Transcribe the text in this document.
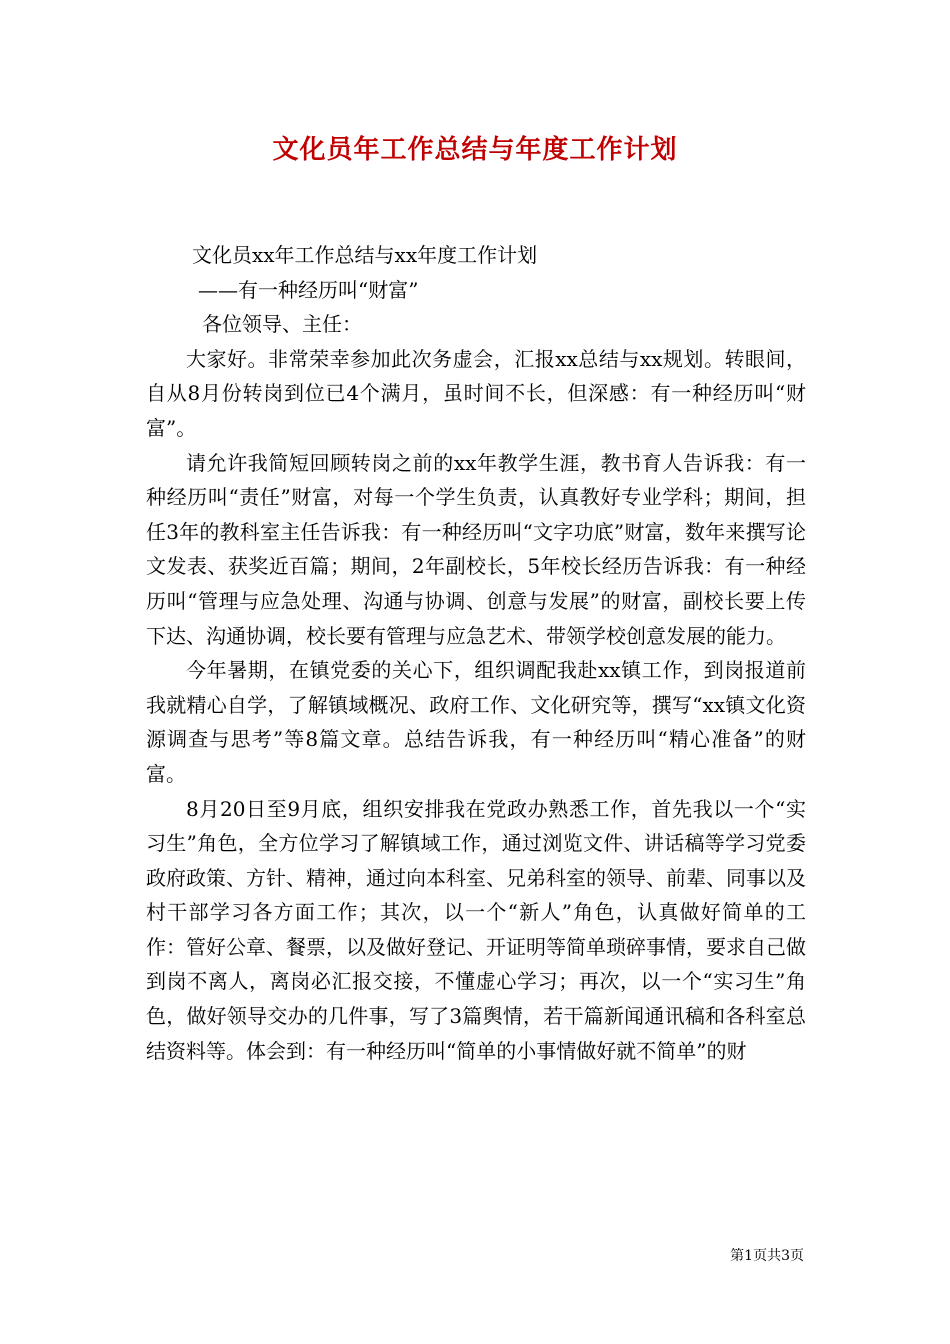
文化员年工作总结与年度工作计划

文化员xx年工作总结与xx年度工作计划

——有一种经历叫“财富”

各位领导、主任：

大家好。非常荣幸参加此次务虚会，汇报xx总结与xx规划。转眼间，自从8月份转岗到位已4个满月，虽时间不长，但深感：有一种经历叫“财富”。

请允许我简短回顾转岗之前的xx年教学生涯，教书育人告诉我：有一种经历叫“责任”财富，对每一个学生负责，认真教好专业学科；期间，担任3年的教科室主任告诉我：有一种经历叫“文字功底”财富，数年来撰写论文发表、获奖近百篇；期间，2年副校长，5年校长经历告诉我：有一种经历叫“管理与应急处理、沟通与协调、创意与发展”的财富，副校长要上传下达、沟通协调，校长要有管理与应急艺术、带领学校创意发展的能力。

今年暑期，在镇党委的关心下，组织调配我赴xx镇工作，到岗报道前我就精心自学，了解镇域概况、政府工作、文化研究等，撰写“xx镇文化资源调查与思考”等8篇文章。总结告诉我，有一种经历叫“精心准备”的财富。

8月20日至9月底，组织安排我在党政办熟悉工作，首先我以一个“实习生”角色，全方位学习了解镇域工作，通过浏览文件、讲话稿等学习党委政府政策、方针、精神，通过向本科室、兄弟科室的领导、前辈、同事以及村干部学习各方面工作；其次，以一个“新人”角色，认真做好简单的工作：管好公章、餐票，以及做好登记、开证明等简单琐碎事情，要求自己做到岗不离人，离岗必汇报交接，不懂虚心学习；再次，以一个“实习生”角色，做好领导交办的几件事，写了3篇舆情，若干篇新闻通讯稿和各科室总结资料等。体会到：有一种经历叫“简单的小事情做好就不简单”的财

第1页共3页
